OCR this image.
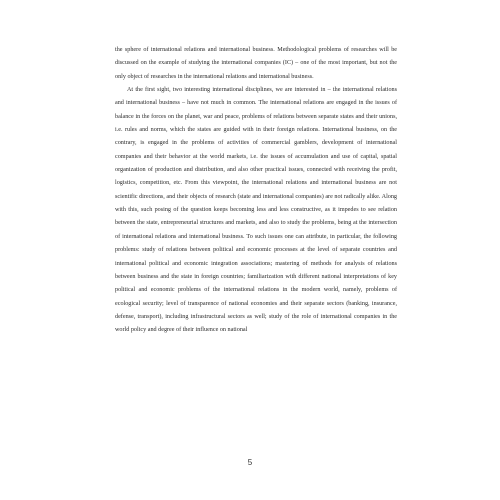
the sphere of international relations and international business. Methodological problems of researches will be discussed on the example of studying the international companies (IC) – one of the most important, but not the only object of researches in the international relations and international business.

At the first sight, two interesting international disciplines, we are interested in – the international relations and international business – have not much in common. The international relations are engaged in the issues of balance in the forces on the planet, war and peace, problems of relations between separate states and their unions, i.e. rules and norms, which the states are guided with in their foreign relations. International business, on the contrary, is engaged in the problems of activities of commercial gamblers, development of international companies and their behavior at the world markets, i.e. the issues of accumulation and use of capital, spatial organization of production and distribution, and also other practical issues, connected with receiving the profit, logistics, competition, etc. From this viewpoint, the international relations and international business are not scientific directions, and their objects of research (state and international companies) are not radically alike. Along with this, such posing of the question keeps becoming less and less constructive, as it impedes to see relation between the state, entrepreneurial structures and markets, and also to study the problems, being at the intersection of international relations and international business. To such issues one can attribute, in particular, the following problems: study of relations between political and economic processes at the level of separate countries and international political and economic integration associations; mastering of methods for analysis of relations between business and the state in foreign countries; familiarization with different national interpretations of key political and economic problems of the international relations in the modern world, namely, problems of ecological security; level of transparence of national economies and their separate sectors (banking, insurance, defense, transport), including infrastructural sectors as well; study of the role of international companies in the world policy and degree of their influence on national

5
